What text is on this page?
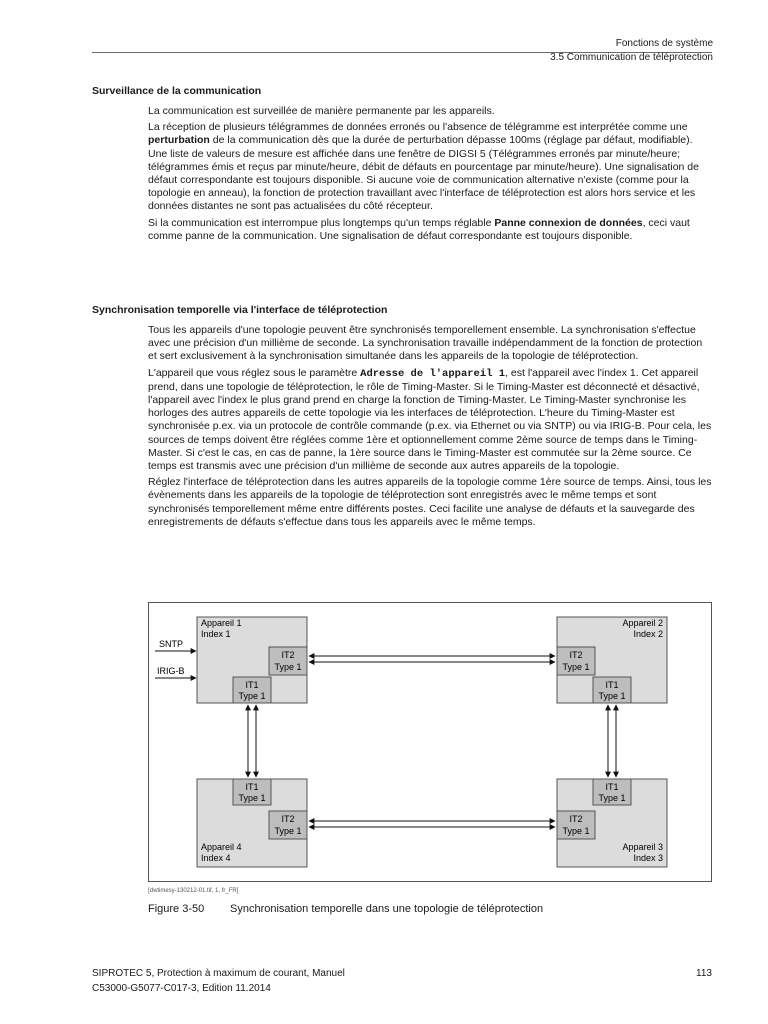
Fonctions de système
3.5 Communication de téléprotection
Surveillance de la communication

La communication est surveillée de manière permanente par les appareils.

La réception de plusieurs télégrammes de données erronés ou l'absence de télégramme est interprétée comme une perturbation de la communication dès que la durée de perturbation dépasse 100ms (réglage par défaut, modifiable). Une liste de valeurs de mesure est affichée dans une fenêtre de DIGSI 5 (Télégrammes erronés par minute/heure; télégrammes émis et reçus par minute/heure, débit de défauts en pourcentage par minute/heure). Une signalisation de défaut correspondante est toujours disponible. Si aucune voie de communication alternative n'existe (comme pour la topologie en anneau), la fonction de protection travaillant avec l'interface de téléprotection est alors hors service et les données distantes ne sont pas actualisées du côté récepteur.

Si la communication est interrompue plus longtemps qu'un temps réglable Panne connexion de données, ceci vaut comme panne de la communication. Une signalisation de défaut correspondante est toujours disponible.

Synchronisation temporelle via l'interface de téléprotection

Tous les appareils d'une topologie peuvent être synchronisés temporellement ensemble. La synchronisation s'effectue avec une précision d'un millième de seconde. La synchronisation travaille indépendamment de la fonction de protection et sert exclusivement à la synchronisation simultanée dans les appareils de la topologie de téléprotection.

L'appareil que vous réglez sous le paramètre Adresse de l'appareil 1, est l'appareil avec l'index 1. Cet appareil prend, dans une topologie de téléprotection, le rôle de Timing-Master. Si le Timing-Master est déconnecté et désactivé, l'appareil avec l'index le plus grand prend en charge la fonction de Timing-Master. Le Timing-Master synchronise les horloges des autres appareils de cette topologie via les interfaces de téléprotection. L'heure du Timing-Master est synchronisée p.ex. via un protocole de contrôle commande (p.ex. via Ethernet ou via SNTP) ou via IRIG-B. Pour cela, les sources de temps doivent être réglées comme 1ère et optionnellement comme 2ème source de temps dans le Timing-Master. Si c'est le cas, en cas de panne, la 1ère source dans le Timing-Master est commutée sur la 2ème source. Ce temps est transmis avec une précision d'un millième de seconde aux autres appareils de la topologie.

Réglez l'interface de téléprotection dans les autres appareils de la topologie comme 1ère source de temps. Ainsi, tous les évènements dans les appareils de la topologie de téléprotection sont enregistrés avec le même temps et sont synchronisés temporellement même entre différents postes. Ceci facilite une analyse de défauts et la sauvegarde des enregistrements de défauts s'effectue dans tous les appareils avec le même temps.

Appareil 1
Index 1
Appareil 2
Index 2
Appareil 4
Index 4
Appareil 3
Index 3
IT2
Type 1
IT1
Type 1
IT2
Type 1
IT1
Type 1
IT1
Type 1
IT2
Type 1
IT1
Type 1
IT2
Type 1
SNTP
IRIG-B
[dwtimesy-130212-01.tif, 1, fr_FR]
Figure 3-50 Synchronisation temporelle dans une topologie de téléprotection
SIPROTEC 5, Protection à maximum de courant, Manuel
C53000-G5077-C017-3, Edition 11.2014
113
